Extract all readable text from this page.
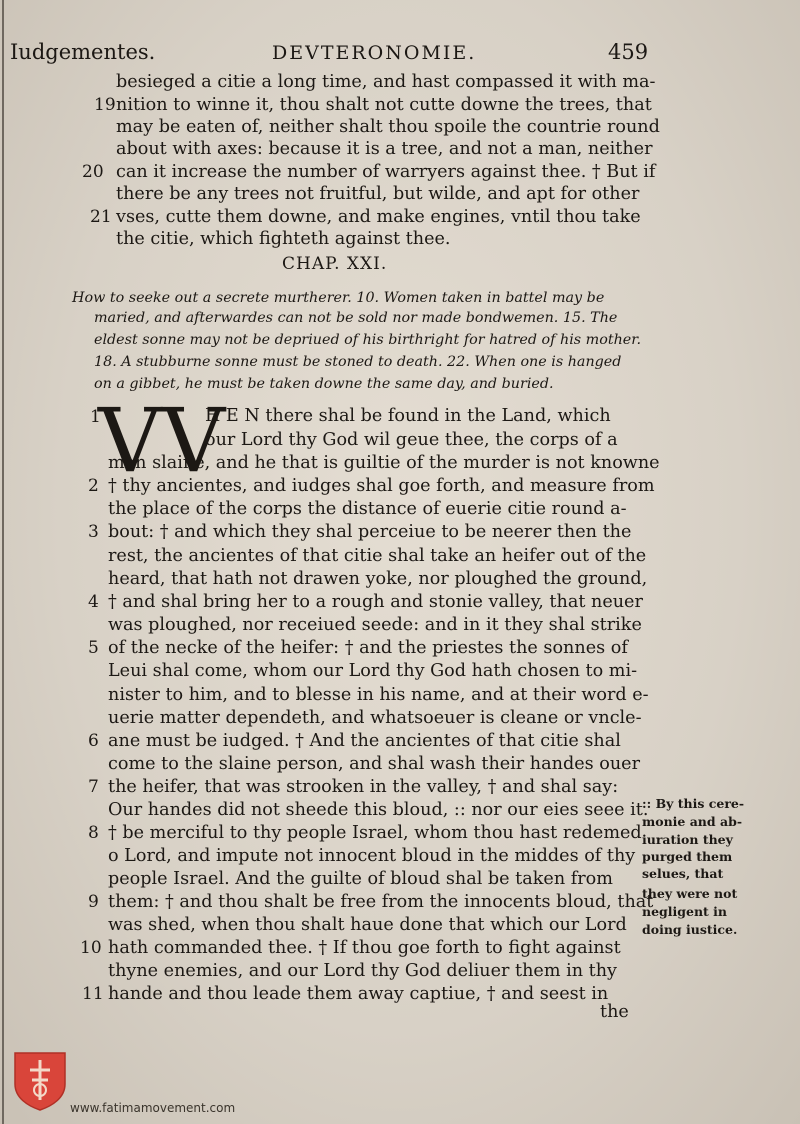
Iudgementes.	DEVTERONOMIE.	459
besieged a citie a long time, and hast compassed it with ma-
nition to winne it, thou shalt not cutte downe the trees, that
may be eaten of, neither shalt thou spoile the countrie round
about with axes: because it is a tree, and not a man, neither
can it increase the number of warryers against thee. † But if
there be any trees not fruitful, but wilde, and apt for other
vses, cutte them downe, and make engines, vntil thou take
the citie, which fighteth against thee.
19
20
21
CHAP. XXI.
How to seeke out a secrete murtherer. 10. Women taken in battel may be
maried, and afterwardes can not be sold nor made bondwemen. 15. The
eldest sonne may not be depriued of his birthright for hatred of his mother.
18. A stubburne sonne must be stoned to death. 22. When one is hanged
on a gibbet, he must be taken downe the same day, and buried.
VV
H E N there shal be found in the Land, which
our Lord thy God wil geue thee, the corps of a
man slaine, and he that is guiltie of the murder is not knowne
† thy ancientes, and iudges shal goe forth, and measure from
the place of the corps the distance of euerie citie round a-
bout: † and which they shal perceiue to be neerer then the
rest, the ancientes of that citie shal take an heifer out of the
heard, that hath not drawen yoke, nor ploughed the ground,
† and shal bring her to a rough and stonie valley, that neuer
was ploughed, nor receiued seede: and in it they shal strike
of the necke of the heifer: † and the priestes the sonnes of
Leui shal come, whom our Lord thy God hath chosen to mi-
nister to him, and to blesse in his name, and at their word e-
uerie matter dependeth, and whatsoeuer is cleane or vncle-
ane must be iudged. † And the ancientes of that citie shal
come to the slaine person, and shal wash their handes ouer
the heifer, that was strooken in the valley, † and shal say:
Our handes did not sheede this bloud, :: nor our eies seee it.
† be merciful to thy people Israel, whom thou hast redemed
o Lord, and impute not innocent bloud in the middes of thy
people Israel. And the guilte of bloud shal be taken from
them: † and thou shalt be free from the innocents bloud, that
was shed, when thou shalt haue done that which our Lord
hath commanded thee. † If thou goe forth to fight against
thyne enemies, and our Lord thy God deliuer them in thy
hande and thou leade them away captiue, † and seest in
the
1
2
3
4
5
6
7
8
9
10
11
:: By this cere-
monie and ab-
iuration they
purged them
selues, that
they were not
negligent in
doing iustice.
www.fatimamovement.com
